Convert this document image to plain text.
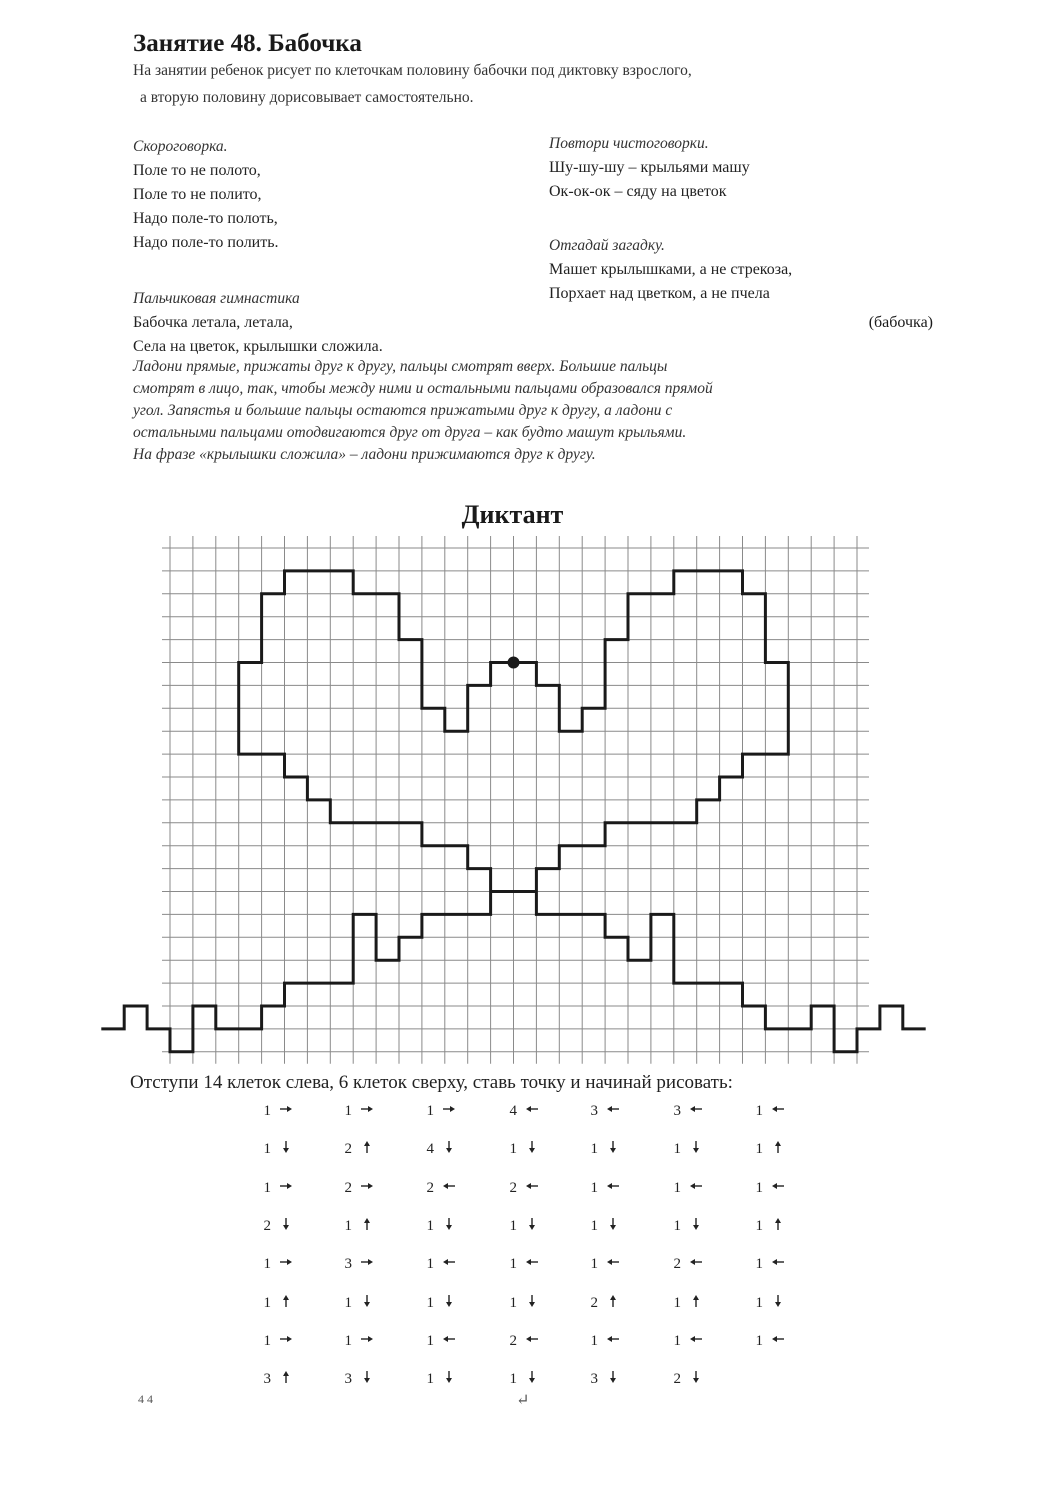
Занятие 48. Бабочка
На занятии ребенок рисует по клеточкам половину бабочки под диктовку взрослого,
а вторую половину дорисовывает самостоятельно.
Скороговорка.
Поле то не полото,
Поле то не полито,
Надо поле-то полоть,
Надо поле-то полить.
Повтори чистоговорки.
Шу-шу-шу – крыльями машу
Ок-ок-ок – сяду на цветок
Отгадай загадку.
Машет крылышками, а не стрекоза,
Порхает над цветком, а не пчела
(бабочка)
Пальчиковая гимнастика
Бабочка летала, летала,
Села на цветок, крылышки сложила.
Ладони прямые, прижаты друг к другу, пальцы смотрят вверх. Большие пальцы
смотрят в лицо, так, чтобы между ними и остальными пальцами образовался прямой
угол. Запястья и большие пальцы остаются прижатыми друг к другу, а ладони с
остальными пальцами отодвигаются друг от друга – как будто машут крыльями.
На фразе «крылышки сложила» – ладони прижимаются друг к другу.
Диктант
Отступи 14 клеток слева, 6 клеток сверху, ставь точку и начинай рисовать:
1
1
1
2
1
1
1
3
1
2
2
1
3
1
1
3
1
4
2
1
1
1
1
1
4
1
2
1
1
1
2
1
3
1
1
1
1
2
1
3
3
1
1
1
2
1
1
2
1
1
1
1
1
1
1
4 4	↵
